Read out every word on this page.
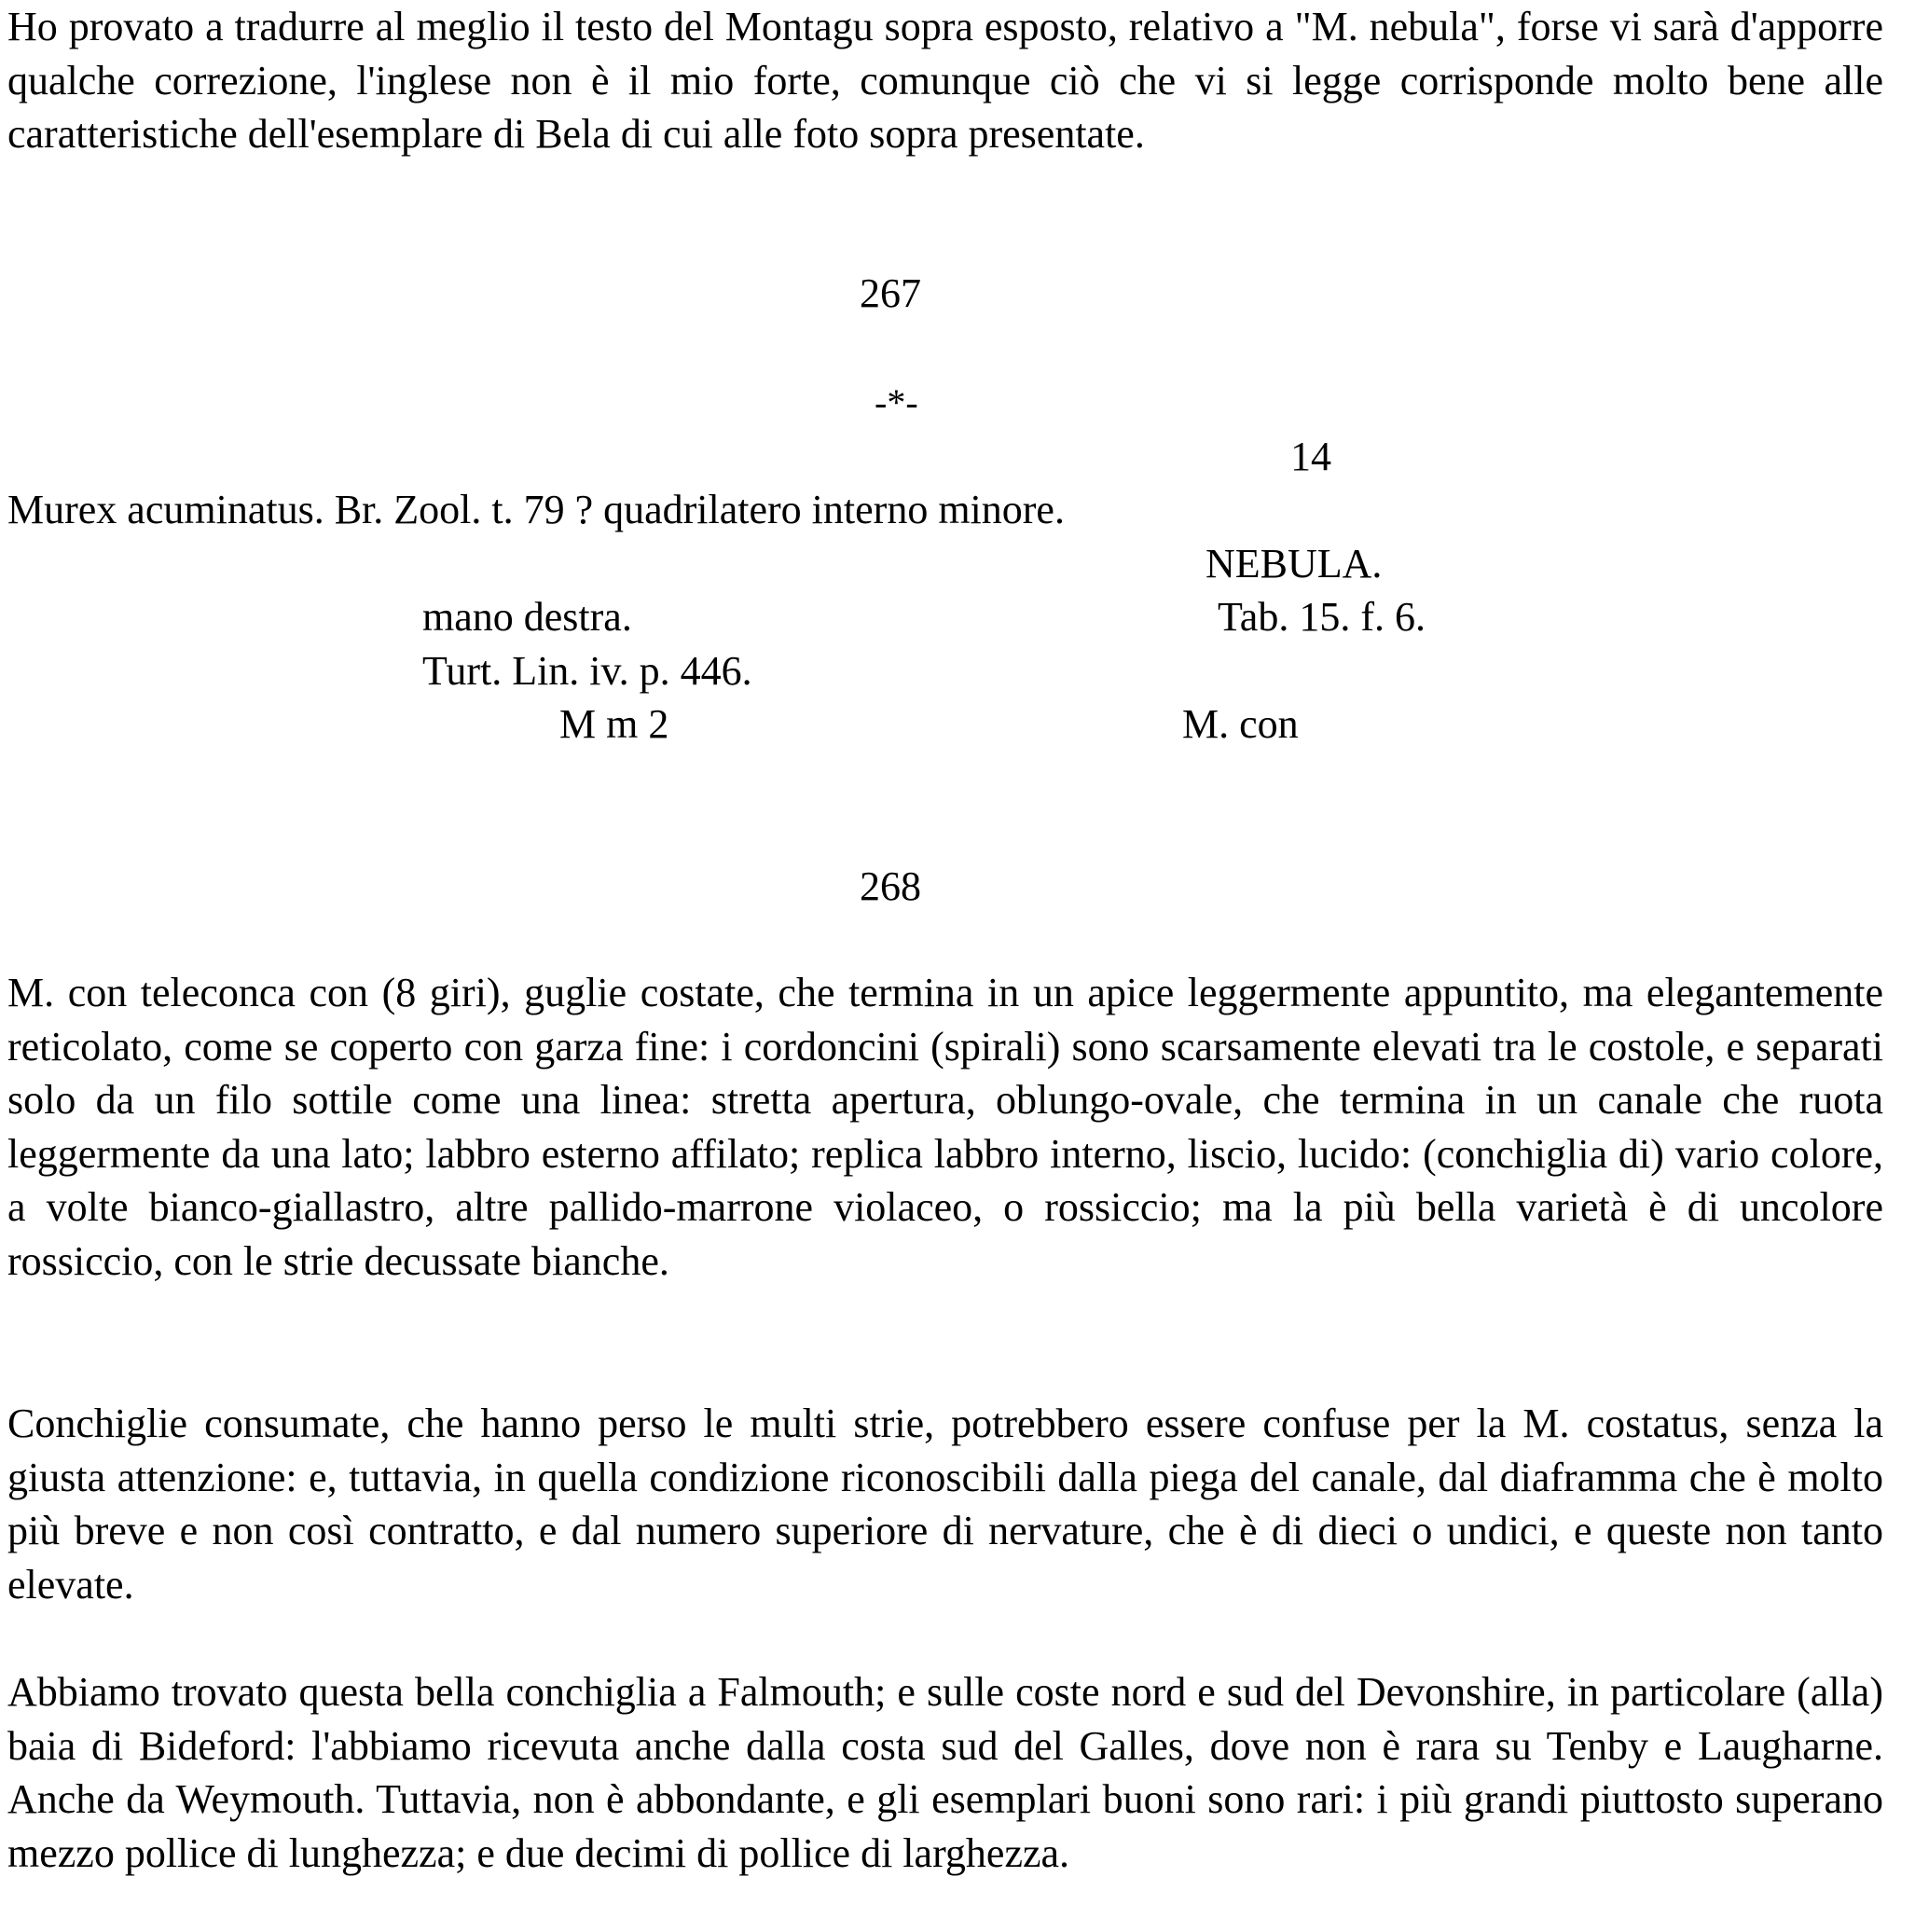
Ho provato a tradurre al meglio il testo del Montagu sopra esposto, relativo a "M. nebula", forse vi sarà d'apporre qualche correzione, l'inglese non è il mio forte, comunque ciò che vi si legge corrisponde molto bene alle caratteristiche dell'esemplare di Bela di cui alle foto sopra presentate.

267
-*-
14
Murex acuminatus. Br. Zool. t. 79 ? quadrilatero interno minore.
NEBULA.
mano destra.	Tab. 15. f. 6.
Turt. Lin. iv. p. 446.
M m 2	M. con
268

M. con teleconca con (8 giri), guglie costate, che termina in un apice leggermente appuntito, ma elegantemente reticolato, come se coperto con garza fine: i cordoncini (spirali) sono scarsamente elevati tra le costole, e separati solo da un filo sottile come una linea: stretta apertura, oblungo-ovale, che termina in un canale che ruota leggermente da una lato; labbro esterno affilato; replica labbro interno, liscio, lucido: (conchiglia di) vario colore, a volte bianco-giallastro, altre pallido-marrone violaceo, o rossiccio; ma la più bella varietà è di uncolore rossiccio, con le strie decussate bianche.

Conchiglie consumate, che hanno perso le multi strie, potrebbero essere confuse per la M. costatus, senza la giusta attenzione: e, tuttavia, in quella condizione riconoscibili dalla piega del canale, dal diaframma che è molto più breve e non così contratto, e dal numero superiore di nervature, che è di dieci o undici, e queste non tanto elevate.

Abbiamo trovato questa bella conchiglia a Falmouth; e sulle coste nord e sud del Devonshire, in particolare (alla) baia di Bideford: l'abbiamo ricevuta anche dalla costa sud del Galles, dove non è rara su Tenby e Laugharne. Anche da Weymouth. Tuttavia, non è abbondante, e gli esemplari buoni sono rari: i più grandi piuttosto superano mezzo pollice di lunghezza; e due decimi di pollice di larghezza.
